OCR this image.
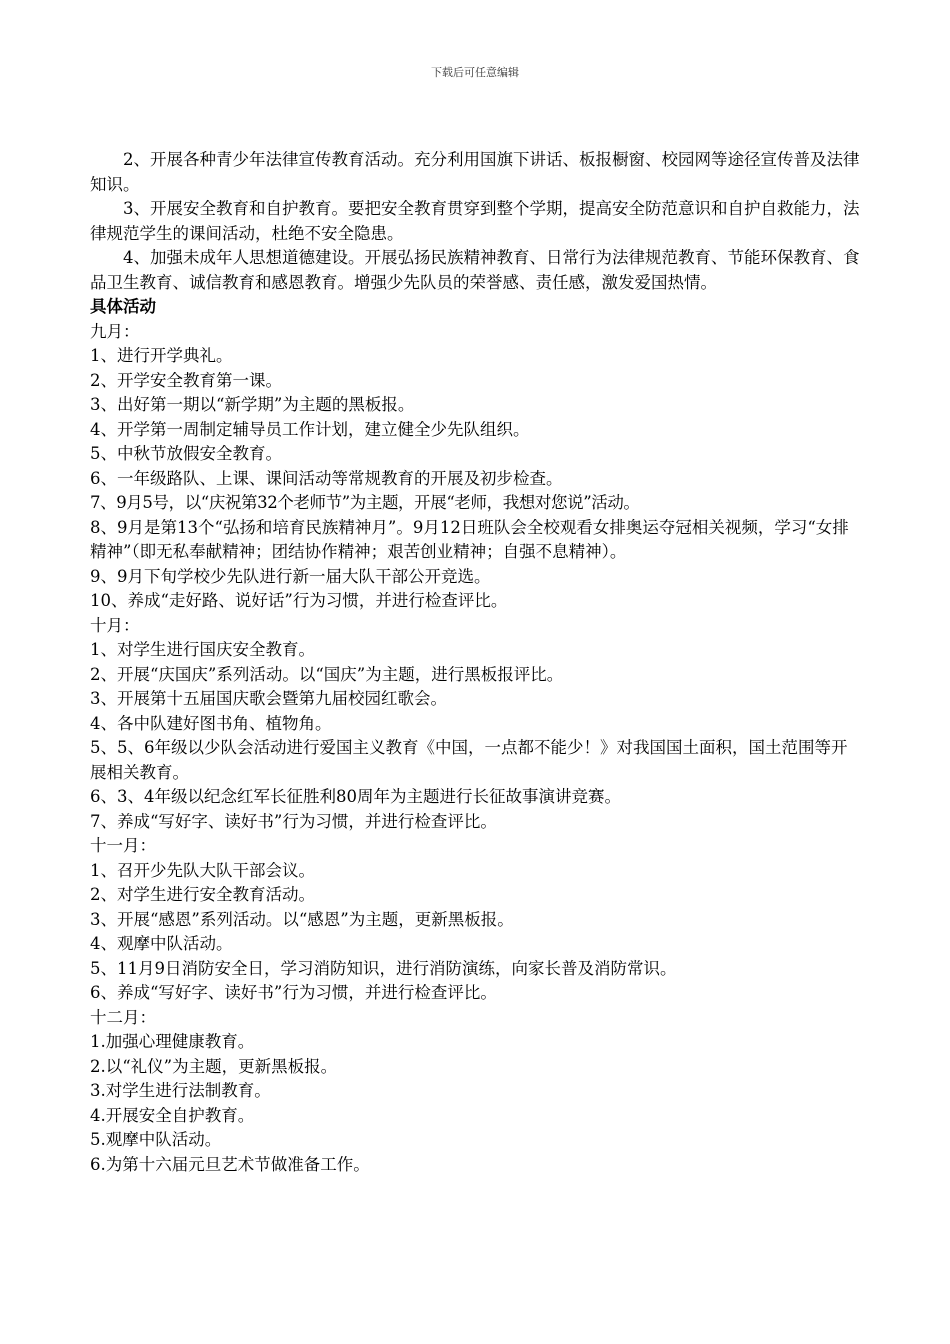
下载后可任意编辑

2、开展各种青少年法律宣传教育活动。充分利用国旗下讲话、板报橱窗、校园网等途径宣传普及法律知识。

3、开展安全教育和自护教育。要把安全教育贯穿到整个学期，提高安全防范意识和自护自救能力，法律规范学生的课间活动，杜绝不安全隐患。

4、加强未成年人思想道德建设。开展弘扬民族精神教育、日常行为法律规范教育、节能环保教育、食品卫生教育、诚信教育和感恩教育。增强少先队员的荣誉感、责任感，激发爱国热情。

具体活动

九月：

1、进行开学典礼。

2、开学安全教育第一课。

3、出好第一期以“新学期”为主题的黑板报。

4、开学第一周制定辅导员工作计划，建立健全少先队组织。

5、中秋节放假安全教育。

6、一年级路队、上课、课间活动等常规教育的开展及初步检查。

7、9月5号，以“庆祝第32个老师节”为主题，开展“老师，我想对您说”活动。

8、9月是第13个“弘扬和培育民族精神月”。9月12日班队会全校观看女排奥运夺冠相关视频，学习“女排精神”（即无私奉献精神；团结协作精神；艰苦创业精神；自强不息精神）。

9、9月下旬学校少先队进行新一届大队干部公开竞选。

10、养成“走好路、说好话”行为习惯，并进行检查评比。

十月：

1、对学生进行国庆安全教育。

2、开展“庆国庆”系列活动。以“国庆”为主题，进行黑板报评比。

3、开展第十五届国庆歌会暨第九届校园红歌会。

4、各中队建好图书角、植物角。

5、5、6年级以少队会活动进行爱国主义教育《中国，一点都不能少！》对我国国土面积，国土范围等开展相关教育。

6、3、4年级以纪念红军长征胜利80周年为主题进行长征故事演讲竞赛。

7、养成“写好字、读好书”行为习惯，并进行检查评比。

十一月：

1、召开少先队大队干部会议。

2、对学生进行安全教育活动。

3、开展“感恩”系列活动。以“感恩”为主题，更新黑板报。

4、观摩中队活动。

5、11月9日消防安全日，学习消防知识，进行消防演练，向家长普及消防常识。

6、养成“写好字、读好书”行为习惯，并进行检查评比。

十二月：

1.加强心理健康教育。

2.以“礼仪”为主题，更新黑板报。

3.对学生进行法制教育。

4.开展安全自护教育。

5.观摩中队活动。

6.为第十六届元旦艺术节做准备工作。
